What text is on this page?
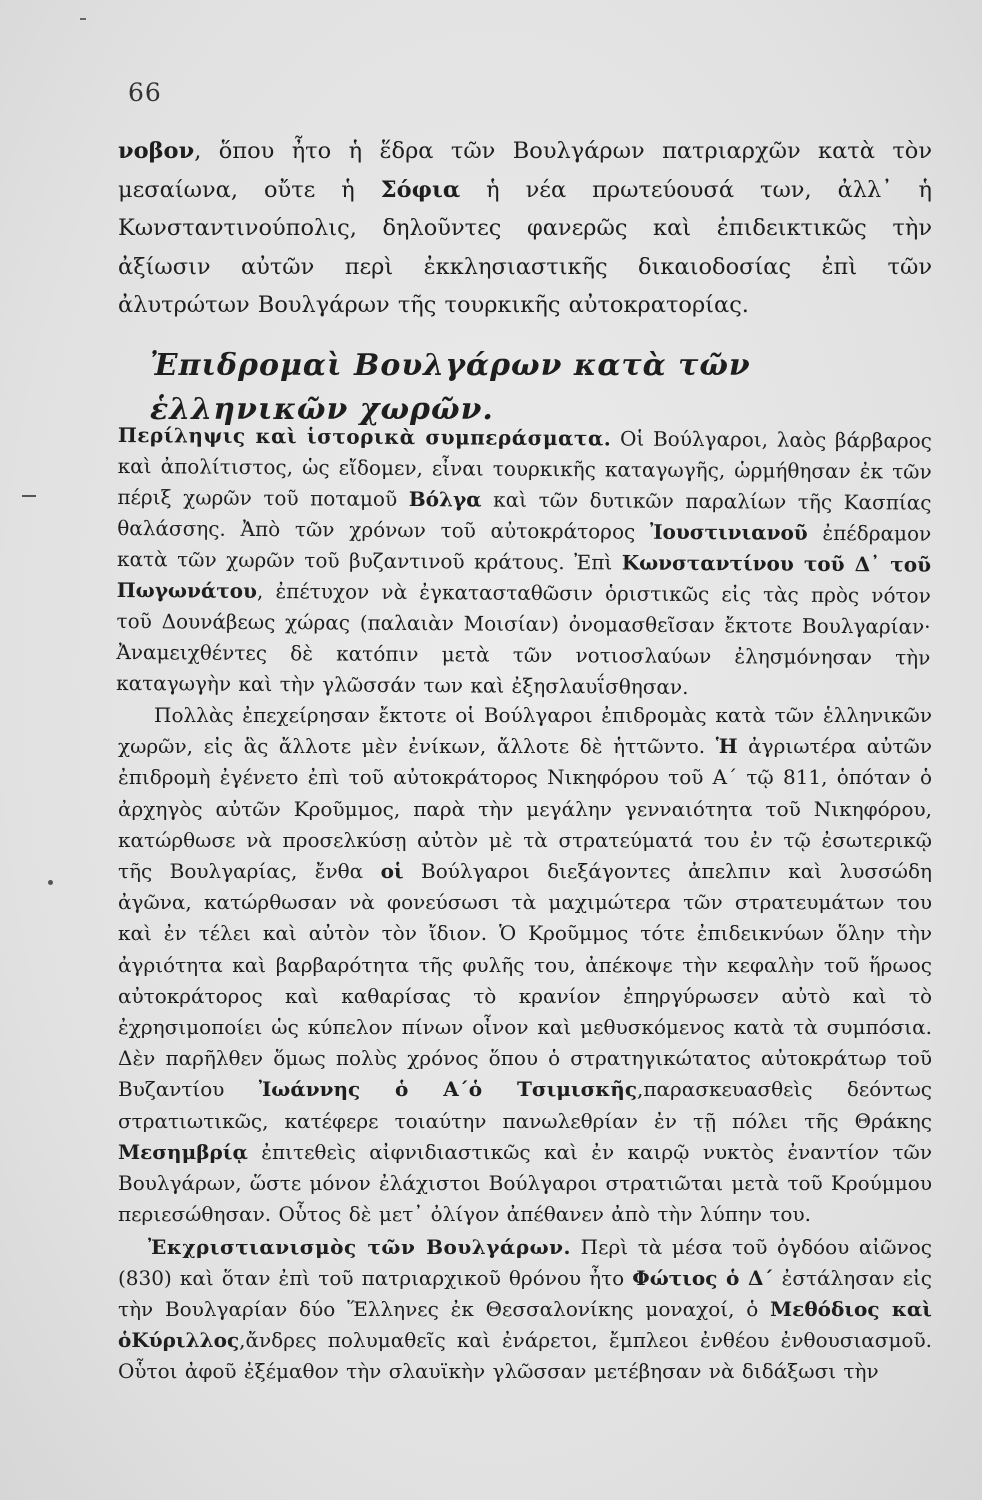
66

νοβον, ὅπου ἦτο ἡ ἕδρα τῶν Βουλγάρων πατριαρχῶν κατὰ τὸν μεσαίωνα, οὔτε ἡ Σόφια ἡ νέα πρωτεύουσά των, ἀλλ᾿ ἡ Κωνσταντινούπολις, δηλοῦντες φανερῶς καὶ ἐπιδεικτικῶς τὴν ἀξίωσιν αὐτῶν περὶ ἐκκλησιαστικῆς δικαιοδοσίας ἐπὶ τῶν ἀλυτρώτων Βουλγάρων τῆς τουρκικῆς αὐτοκρατορίας.

Ἐπιδρομαὶ Βουλγάρων κατὰ τῶν ἑλληνικῶν χωρῶν.

Περίληψις καὶ ἱστορικὰ συμπεράσματα. Οἱ Βούλγαροι, λαὸς βάρβαρος καὶ ἀπολίτιστος, ὡς εἴδομεν, εἶναι τουρκικῆς καταγωγῆς, ὡρμήθησαν ἐκ τῶν πέριξ χωρῶν τοῦ ποταμοῦ Βόλγα καὶ τῶν δυτικῶν παραλίων τῆς Κασπίας θαλάσσης. Ἀπὸ τῶν χρόνων τοῦ αὐτοκράτορος Ἰουστινιανοῦ ἐπέδραμον κατὰ τῶν χωρῶν τοῦ βυζαντινοῦ κράτους. Ἐπὶ Κωνσταντίνου τοῦ Δ᾿ τοῦ Πωγωνάτου, ἐπέτυχον νὰ ἐγκατασταθῶσιν ὁριστικῶς εἰς τὰς πρὸς νότον τοῦ Δουνάβεως χώρας (παλαιὰν Μοισίαν) ὀνομασθεῖσαν ἔκτοτε Βουλγαρίαν· Ἀναμειχθέντες δὲ κατόπιν μετὰ τῶν νοτιοσλαύων ἐλησμόνησαν τὴν καταγωγὴν καὶ τὴν γλῶσσάν των καὶ ἐξησλαυΐσθησαν.

Πολλὰς ἐπεχείρησαν ἔκτοτε οἱ Βούλγαροι ἐπιδρομὰς κατὰ τῶν ἑλληνικῶν χωρῶν, εἰς ἃς ἄλλοτε μὲν ἐνίκων, ἄλλοτε δὲ ἡττῶντο. Ἡ ἀγριωτέρα αὐτῶν ἐπιδρομὴ ἐγένετο ἐπὶ τοῦ αὐτοκράτορος Νικηφόρου τοῦ Α΄ τῷ 811, ὁπόταν ὁ ἀρχηγὸς αὐτῶν Κροῦμμος, παρὰ τὴν μεγάλην γενναιότητα τοῦ Νικηφόρου, κατώρθωσε νὰ προσελκύσῃ αὐτὸν μὲ τὰ στρατεύματά του ἐν τῷ ἐσωτερικῷ τῆς Βουλγαρίας, ἔνθα οἱ Βούλγαροι διεξάγοντες ἀπελπιν καὶ λυσσώδη ἀγῶνα, κατώρθωσαν νὰ φονεύσωσι τὰ μαχιμώτερα τῶν στρατευμάτων του καὶ ἐν τέλει καὶ αὐτὸν τὸν ἴδιον. Ὁ Κροῦμμος τότε ἐπιδεικνύων ὅλην τὴν ἀγριότητα καὶ βαρβαρότητα τῆς φυλῆς του, ἀπέκοψε τὴν κεφαλὴν τοῦ ἥρωος αὐτοκράτορος καὶ καθαρίσας τὸ κρανίον ἐπηργύρωσεν αὐτὸ καὶ τὸ ἐχρησιμοποίει ὡς κύπελον πίνων οἶνον καὶ μεθυσκόμενος κατὰ τὰ συμπόσια. Δὲν παρῆλθεν ὅμως πολὺς χρόνος ὅπου ὁ στρατηγικώτατος αὐτοκράτωρ τοῦ Βυζαντίου Ἰωάννης ὁ Α΄ὁ Τσιμισκῆς,παρασκευασθεὶς δεόντως στρατιωτικῶς, κατέφερε τοιαύτην πανωλεθρίαν ἐν τῇ πόλει τῆς Θράκης Μεσημβρίᾳ ἐπιτεθεὶς αἰφνιδιαστικῶς καὶ ἐν καιρῷ νυκτὸς ἐναντίον τῶν Βουλγάρων, ὥστε μόνον ἐλάχιστοι Βούλγαροι στρατιῶται μετὰ τοῦ Κρούμμου περιεσώθησαν. Οὗτος δὲ μετ᾿ ὀλίγον ἀπέθανεν ἀπὸ τὴν λύπην του.

Ἐκχριστιανισμὸς τῶν Βουλγάρων. Περὶ τὰ μέσα τοῦ ὀγδόου αἰῶνος (830) καὶ ὅταν ἐπὶ τοῦ πατριαρχικοῦ θρόνου ἦτο Φώτιος ὁ Δ΄ ἐστάλησαν εἰς τὴν Βουλγαρίαν δύο Ἕλληνες ἐκ Θεσσαλονίκης μοναχοί, ὁ Μεθόδιος καὶ ὁΚύριλλος,ἄνδρες πολυμαθεῖς καὶ ἐνάρετοι, ἔμπλεοι ἐνθέου ἐνθουσιασμοῦ. Οὗτοι ἀφοῦ ἐξέμαθον τὴν σλαυϊκὴν γλῶσσαν μετέβησαν νὰ διδάξωσι τὴν
